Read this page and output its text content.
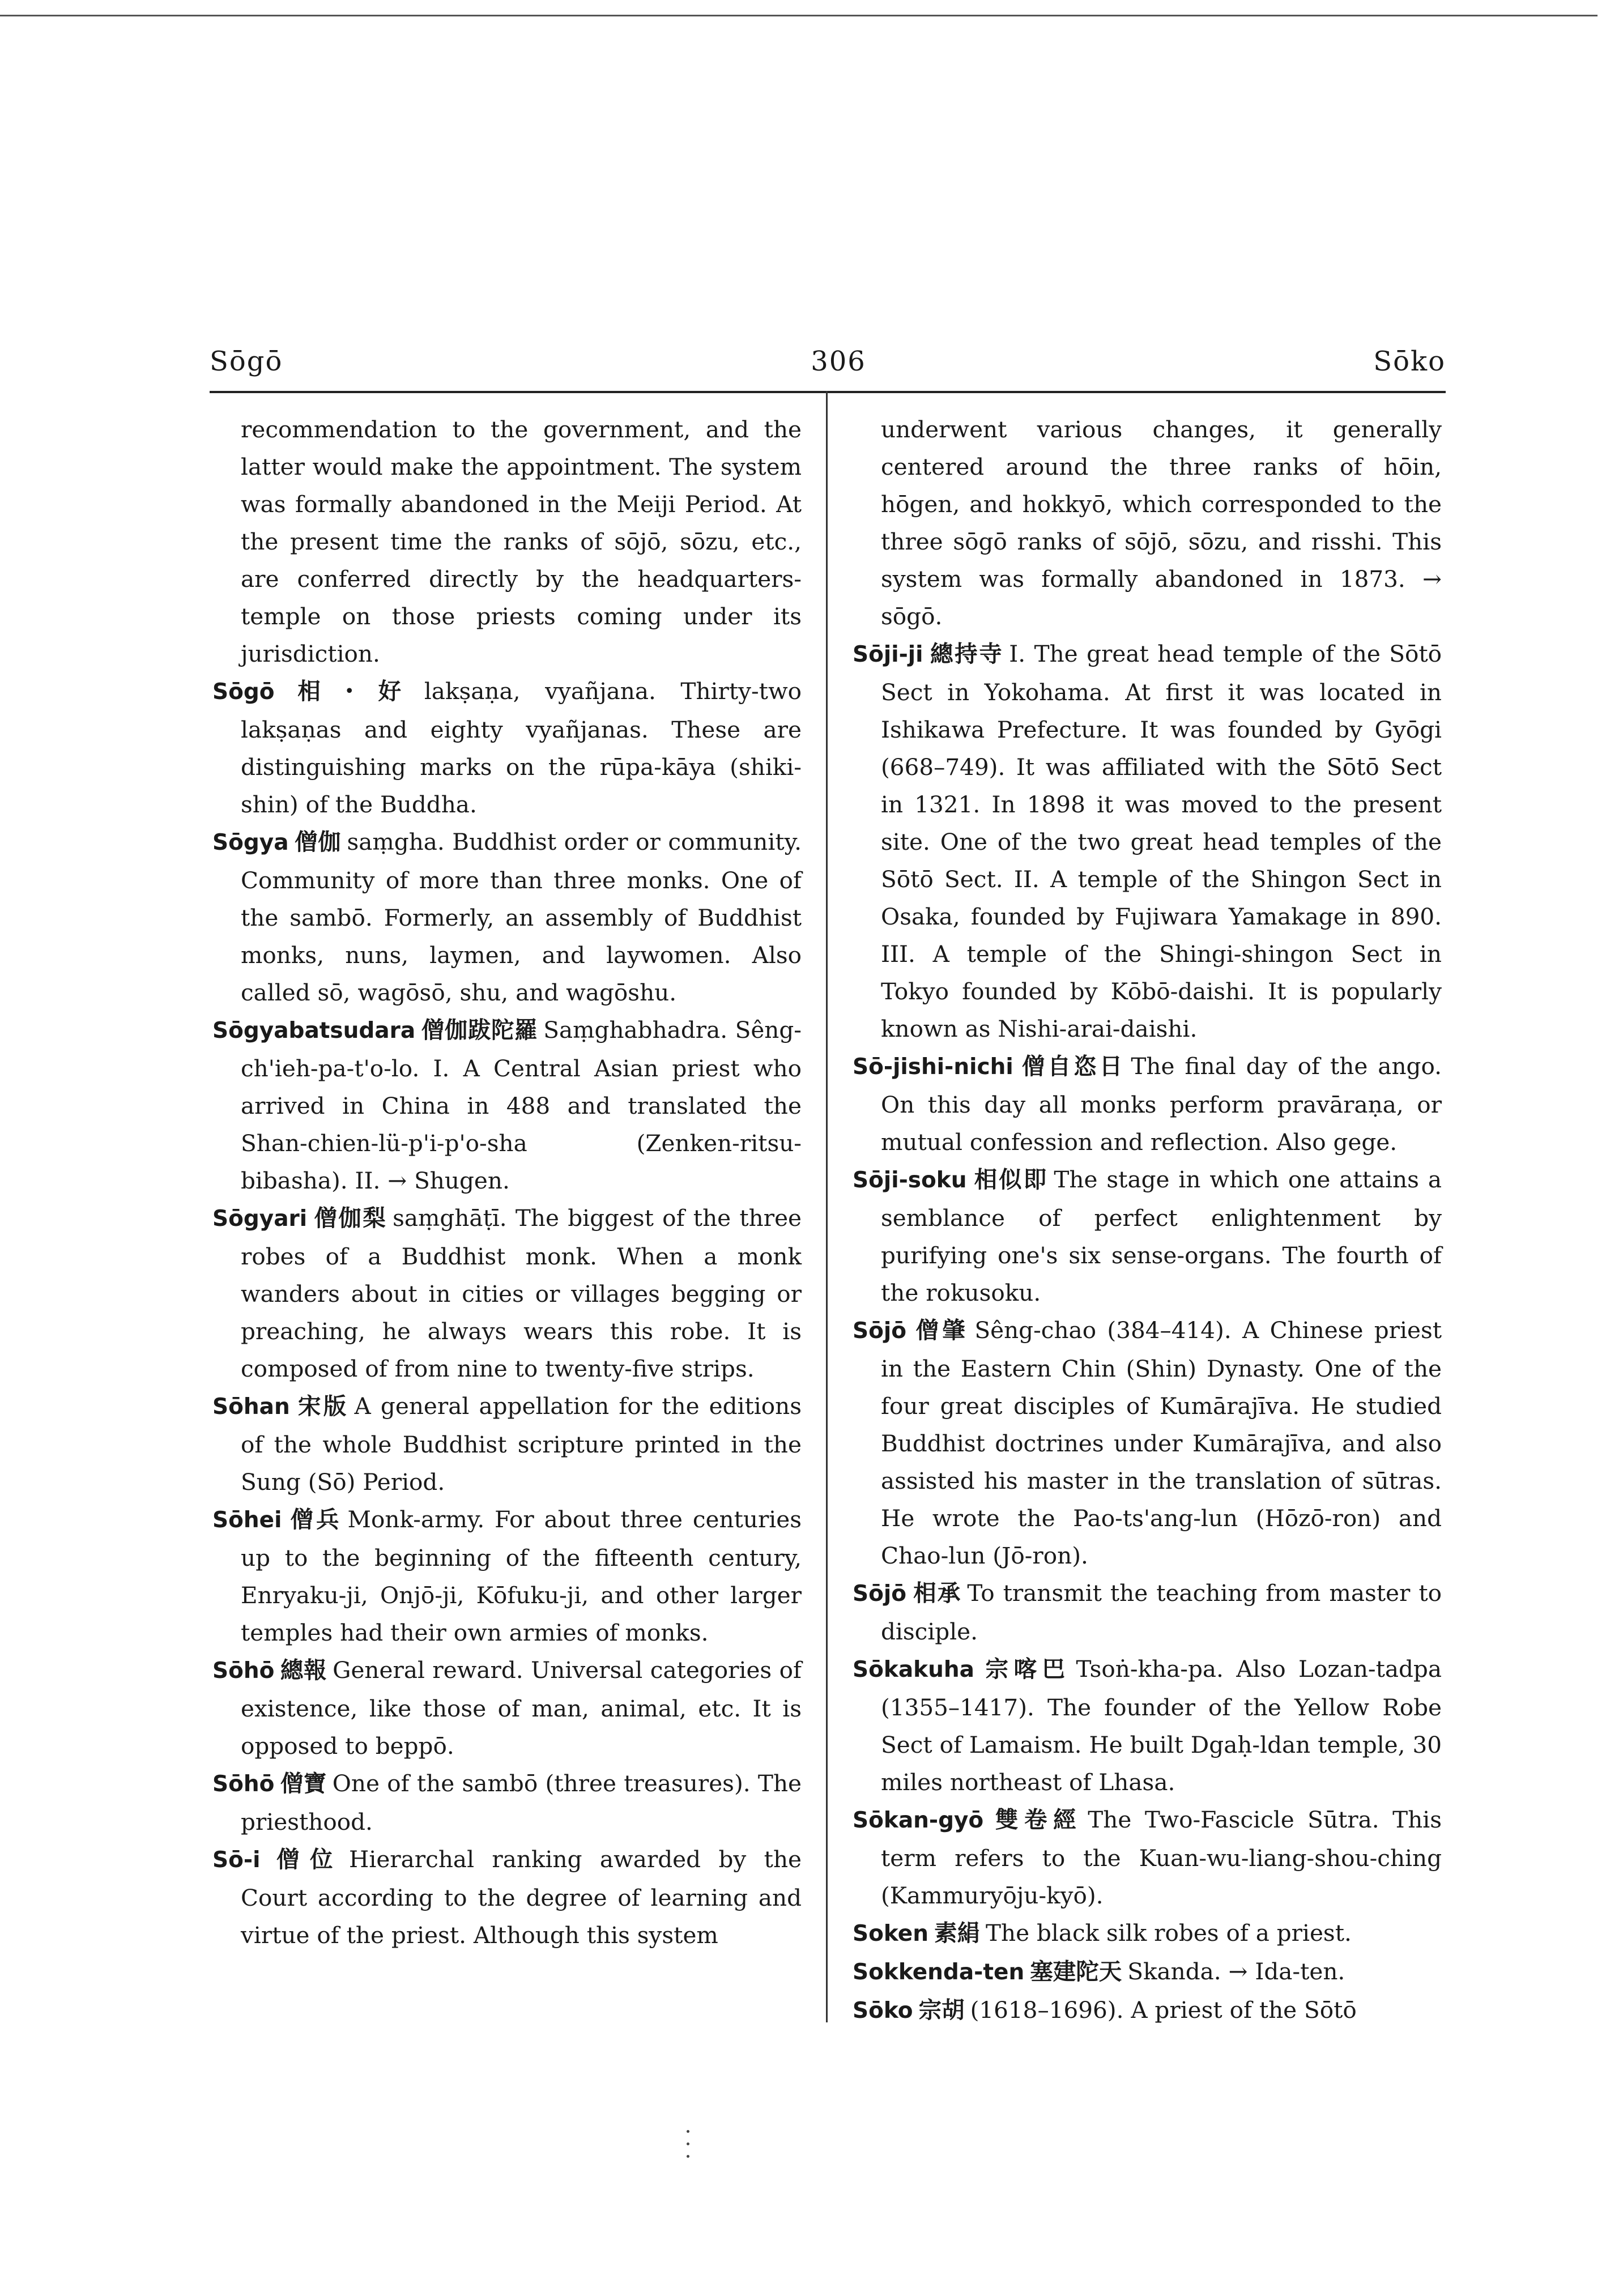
Sōgō	306	Sōko

recommendation to the government, and the latter would make the appointment. The system was formally abandoned in the Meiji Period. At the present time the ranks of sōjō, sōzu, etc., are conferred directly by the headquarters-temple on those priests coming under its jurisdiction.

Sōgō 相・好 lakṣaṇa, vyañjana. Thirty-two lakṣaṇas and eighty vyañjanas. These are distinguishing marks on the rūpa-kāya (shiki-shin) of the Buddha.

Sōgya 僧伽 saṃgha. Buddhist order or community. Community of more than three monks. One of the sambō. Formerly, an assembly of Buddhist monks, nuns, laymen, and laywomen. Also called sō, wagōsō, shu, and wagōshu.

Sōgyabatsudara 僧伽跋陀羅 Saṃghabhadra. Sêng-ch'ieh-pa-t'o-lo. I. A Central Asian priest who arrived in China in 488 and translated the Shan-chien-lü-p'i-p'o-sha (Zenken-ritsu-bibasha). II. → Shugen.

Sōgyari 僧伽梨 saṃghāṭī. The biggest of the three robes of a Buddhist monk. When a monk wanders about in cities or villages begging or preaching, he always wears this robe. It is composed of from nine to twenty-five strips.

Sōhan 宋版 A general appellation for the editions of the whole Buddhist scripture printed in the Sung (Sō) Period.

Sōhei 僧兵 Monk-army. For about three centuries up to the beginning of the fifteenth century, Enryaku-ji, Onjō-ji, Kōfuku-ji, and other larger temples had their own armies of monks.

Sōhō 總報 General reward. Universal categories of existence, like those of man, animal, etc. It is opposed to beppō.

Sōhō 僧寶 One of the sambō (three treasures). The priesthood.

Sō-i 僧位 Hierarchal ranking awarded by the Court according to the degree of learning and virtue of the priest. Although this system

underwent various changes, it generally centered around the three ranks of hōin, hōgen, and hokkyō, which corresponded to the three sōgō ranks of sōjō, sōzu, and risshi. This system was formally abandoned in 1873. → sōgō.

Sōji-ji 總持寺 I. The great head temple of the Sōtō Sect in Yokohama. At first it was located in Ishikawa Prefecture. It was founded by Gyōgi (668–749). It was affiliated with the Sōtō Sect in 1321. In 1898 it was moved to the present site. One of the two great head temples of the Sōtō Sect. II. A temple of the Shingon Sect in Osaka, founded by Fujiwara Yamakage in 890. III. A temple of the Shingi-shingon Sect in Tokyo founded by Kōbō-daishi. It is popularly known as Nishi-arai-daishi.

Sō-jishi-nichi 僧自恣日 The final day of the ango. On this day all monks perform pravāraṇa, or mutual confession and reflection. Also gege.

Sōji-soku 相似即 The stage in which one attains a semblance of perfect enlightenment by purifying one's six sense-organs. The fourth of the rokusoku.

Sōjō 僧肇 Sêng-chao (384–414). A Chinese priest in the Eastern Chin (Shin) Dynasty. One of the four great disciples of Kumārajīva. He studied Buddhist doctrines under Kumārajīva, and also assisted his master in the translation of sūtras. He wrote the Pao-ts'ang-lun (Hōzō-ron) and Chao-lun (Jō-ron).

Sōjō 相承 To transmit the teaching from master to disciple.

Sōkakuha 宗喀巴 Tsoṅ-kha-pa. Also Lozan-tadpa (1355–1417). The founder of the Yellow Robe Sect of Lamaism. He built Dgaḥ-ldan temple, 30 miles northeast of Lhasa.

Sōkan-gyō 雙卷經 The Two-Fascicle Sūtra. This term refers to the Kuan-wu-liang-shou-ching (Kammuryōju-kyō).

Soken 素絹 The black silk robes of a priest.

Sokkenda-ten 塞建陀天 Skanda. → Ida-ten.

Sōko 宗胡 (1618–1696). A priest of the Sōtō
